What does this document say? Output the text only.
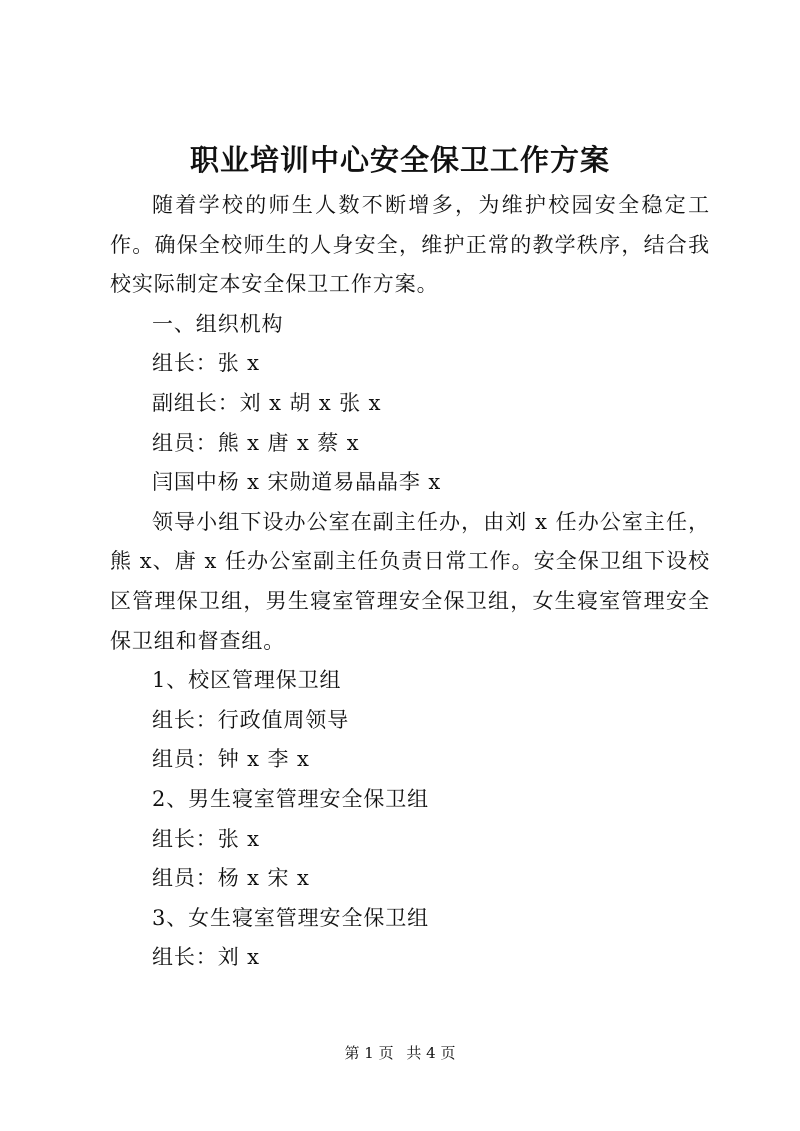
职业培训中心安全保卫工作方案

随着学校的师生人数不断增多，为维护校园安全稳定工作。确保全校师生的人身安全，维护正常的教学秩序，结合我校实际制定本安全保卫工作方案。

一、组织机构

组长：张 x

副组长：刘 x 胡 x 张 x

组员：熊 x 唐 x 蔡 x

闫国中杨 x 宋勋道易晶晶李 x

领导小组下设办公室在副主任办，由刘 x 任办公室主任，熊 x、唐 x 任办公室副主任负责日常工作。安全保卫组下设校区管理保卫组，男生寝室管理安全保卫组，女生寝室管理安全保卫组和督查组。

1、校区管理保卫组

组长：行政值周领导

组员：钟 x 李 x

2、男生寝室管理安全保卫组

组长：张 x

组员：杨 x 宋 x

3、女生寝室管理安全保卫组

组长：刘 x

第 1 页 共 4 页
